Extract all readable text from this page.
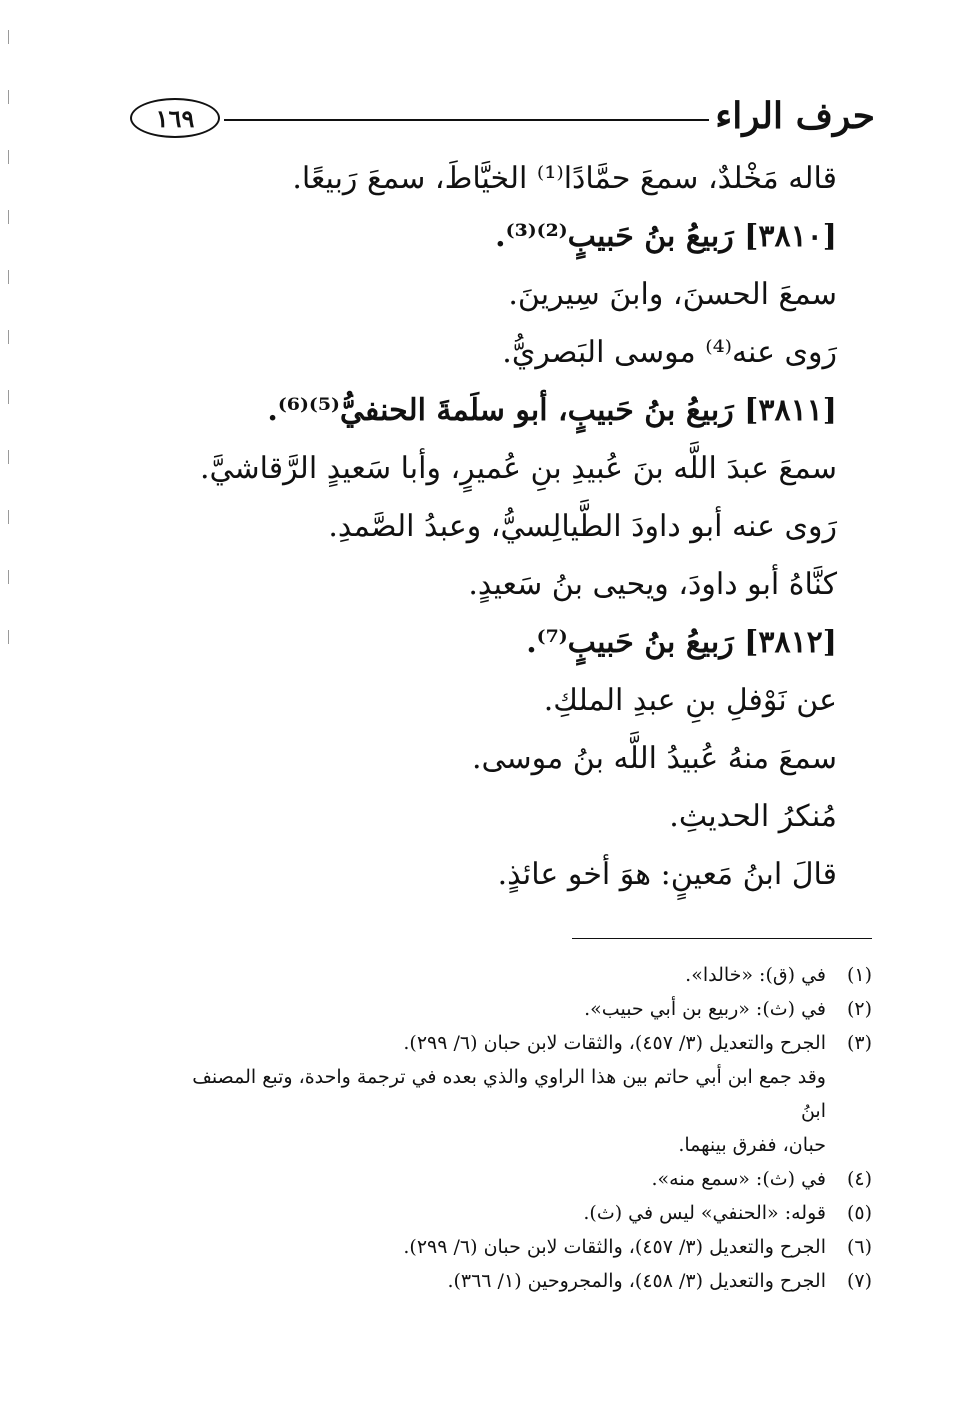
حرف الراء
١٦٩
قاله مَخْلدٌ، سمعَ حمَّادًا⁽¹⁾ الخيَّاطَ، سمعَ رَبيعًا.
[٣٨١٠] رَبيعُ بنُ حَبيبٍ⁽²⁾⁽³⁾.
سمعَ الحسنَ، وابنَ سِيرينَ.
رَوى عنه⁽⁴⁾ موسى البَصريُّ.
[٣٨١١] رَبيعُ بنُ حَبيبٍ، أبو سلَمةَ الحنفيُّ⁽⁵⁾⁽⁶⁾.
سمعَ عبدَ اللَّه بنَ عُبيدِ بنِ عُميرٍ، وأبا سَعيدٍ الرَّقاشيَّ.
رَوى عنه أبو داودَ الطَّيالِسيُّ، وعبدُ الصَّمدِ.
كنَّاهُ أبو داودَ، ويحيى بنُ سَعيدٍ.
[٣٨١٢] رَبيعُ بنُ حَبيبٍ⁽⁷⁾.
عن نَوْفلِ بنِ عبدِ الملكِ.
سمعَ منهُ عُبيدُ اللَّه بنُ موسى.
مُنكرُ الحديثِ.
قالَ ابنُ مَعينٍ: هوَ أخو عائذٍ.
(١)
في (ق): «خالدا».
(٢)
في (ث): «ربيع بن أبي حبيب».
(٣)
الجرح والتعديل (٣/ ٤٥٧)، والثقات لابن حبان (٦/ ٢٩٩).
وقد جمع ابن أبي حاتم بين هذا الراوي والذي بعده في ترجمة واحدة، وتبع المصنف ابنُ
حبان، ففرق بينهما.
(٤)
في (ث): «سمع منه».
(٥)
قوله: «الحنفي» ليس في (ث).
(٦)
الجرح والتعديل (٣/ ٤٥٧)، والثقات لابن حبان (٦/ ٢٩٩).
(٧)
الجرح والتعديل (٣/ ٤٥٨)، والمجروحين (١/ ٣٦٦).
